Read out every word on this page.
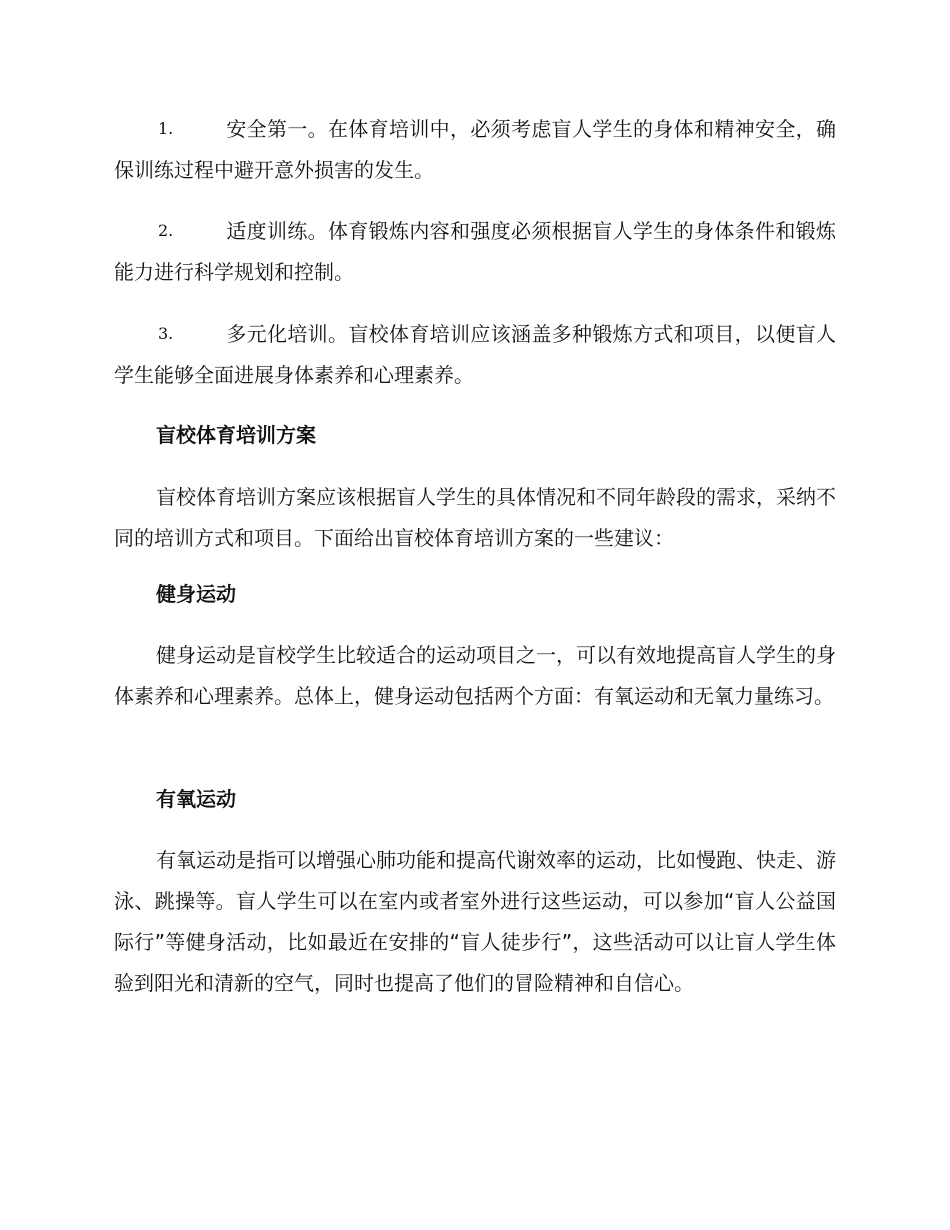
1.	安全第一。在体育培训中，必须考虑盲人学生的身体和精神安全，确保训练过程中避开意外损害的发生。

2.	适度训练。体育锻炼内容和强度必须根据盲人学生的身体条件和锻炼能力进行科学规划和控制。

3.	多元化培训。盲校体育培训应该涵盖多种锻炼方式和项目，以便盲人学生能够全面进展身体素养和心理素养。

盲校体育培训方案

盲校体育培训方案应该根据盲人学生的具体情况和不同年龄段的需求，采纳不同的培训方式和项目。下面给出盲校体育培训方案的一些建议：

健身运动

健身运动是盲校学生比较适合的运动项目之一，可以有效地提高盲人学生的身体素养和心理素养。总体上，健身运动包括两个方面：有氧运动和无氧力量练习。

有氧运动

有氧运动是指可以增强心肺功能和提高代谢效率的运动，比如慢跑、快走、游泳、跳操等。盲人学生可以在室内或者室外进行这些运动，可以参加“盲人公益国际行”等健身活动，比如最近在安排的“盲人徒步行”，这些活动可以让盲人学生体验到阳光和清新的空气，同时也提高了他们的冒险精神和自信心。
